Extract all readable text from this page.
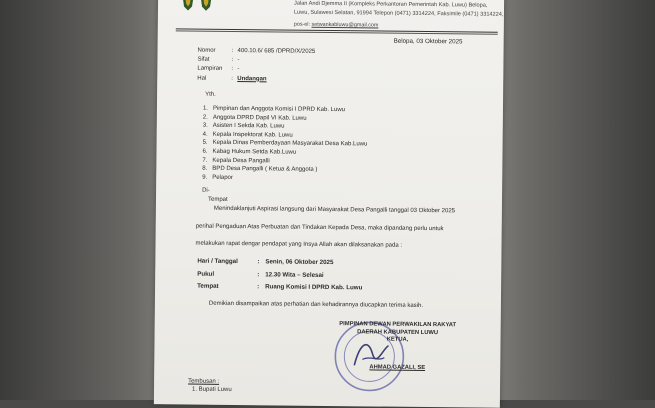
Jalan Andi Djemma II (Kompleks Perkantoran Pemerintah Kab. Luwu) Belopa,
Luwu, Sulawesi Selatan, 91994 Telepon (0471) 3314224, Faksimile (0471) 3314224,
pos-el: setwankabluwu@gmail.com
Belopa, 03 Oktober 2025
Nomor	: 400.10.6/ 685 /DPRD/X/2025
Sifat	: -
Lampiran	: -
Hal	: Undangan
Yth.
1. Pimpinan dan Anggota Komisi I DPRD Kab. Luwu
2. Anggota DPRD Dapil VI Kab. Luwu
3. Asisten I Sekda Kab. Luwu
4. Kepala Inspektorat Kab. Luwu
5. Kepala Dinas Pemberdayaan Masyarakat Desa Kab.Luwu
6. Kabag Hukum Setda Kab.Luwu
7. Kepala Desa Pangalli
8. BPD Desa Pangalli ( Ketua & Anggota )
9. Pelapor
Di-
Tempat
Menindaklanjuti Aspirasi langsung dari Masyarakat Desa Pangalli tanggal 03 Oktober 2025
perihal Pengaduan Atas Perbuatan dan Tindakan Kepada Desa, maka dipandang perlu untuk
melakukan rapat dengar pendapat yang Insya Allah akan dilaksanakan pada :
Hari / Tanggal	: Senin, 06 Oktober 2025
Pukul	: 12.30 Wita – Selesai
Tempat	: Ruang Komisi I DPRD Kab. Luwu
Demikian disampaikan atas perhatian dan kehadirannya diucapkan terima kasih.
PIMPINAN DEWAN PERWAKILAN RAKYAT
DAERAH KABUPATEN LUWU
KETUA,
AHMAD GAZALI, SE
Tembusan :
1. Bupati Luwu
